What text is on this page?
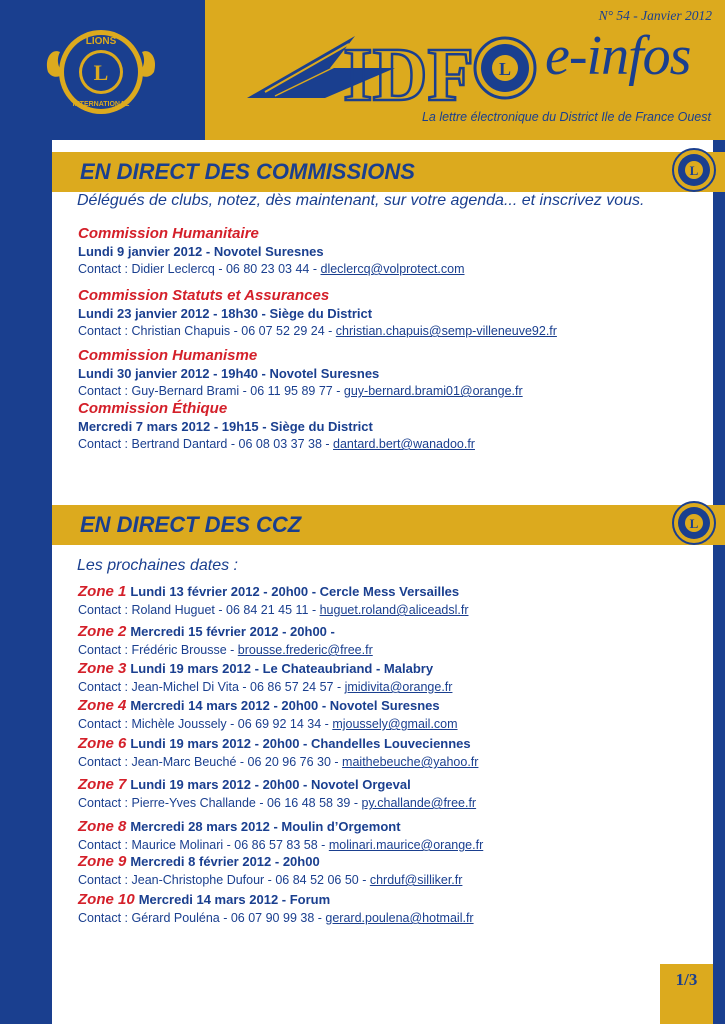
LIONS
INTERNATIONAL
L
N° 54 - Janvier 2012
IDF L e-infos
La lettre électronique du District Ile de France Ouest
EN DIRECT DES COMMISSIONS	L
Délégués de clubs, notez, dès maintenant, sur votre agenda... et inscrivez vous.
Commission Humanitaire
Lundi 9 janvier 2012 - Novotel Suresnes
Contact : Didier Leclercq - 06 80 23 03 44 - dleclercq@volprotect.com
Commission Statuts et Assurances
Lundi 23 janvier 2012 - 18h30 - Siège du District
Contact : Christian Chapuis - 06 07 52 29 24 - christian.chapuis@semp-villeneuve92.fr
Commission Humanisme
Lundi 30 janvier 2012 - 19h40 - Novotel Suresnes
Contact : Guy-Bernard Brami - 06 11 95 89 77 - guy-bernard.brami01@orange.fr
Commission Éthique
Mercredi 7 mars 2012 - 19h15 - Siège du District
Contact : Bertrand Dantard - 06 08 03 37 38 - dantard.bert@wanadoo.fr
EN DIRECT DES CCZ	L
Les prochaines dates :
Zone 1 Lundi 13 février 2012 - 20h00 - Cercle Mess Versailles
Contact : Roland Huguet - 06 84 21 45 11 - huguet.roland@aliceadsl.fr
Zone 2 Mercredi 15 février 2012 - 20h00 -
Contact : Frédéric Brousse - brousse.frederic@free.fr
Zone 3 Lundi 19 mars 2012 - Le Chateaubriand - Malabry
Contact : Jean-Michel Di Vita - 06 86 57 24 57 - jmidivita@orange.fr
Zone 4 Mercredi 14 mars 2012 - 20h00 - Novotel Suresnes
Contact : Michèle Joussely - 06 69 92 14 34 - mjoussely@gmail.com
Zone 6 Lundi 19 mars 2012 - 20h00 - Chandelles Louveciennes
Contact : Jean-Marc Beuché - 06 20 96 76 30 - maithebeuche@yahoo.fr
Zone 7 Lundi 19 mars 2012 - 20h00 - Novotel Orgeval
Contact : Pierre-Yves Challande - 06 16 48 58 39 - py.challande@free.fr
Zone 8 Mercredi 28 mars 2012 - Moulin d’Orgemont
Contact : Maurice Molinari - 06 86 57 83 58 - molinari.maurice@orange.fr
Zone 9 Mercredi 8 février 2012 - 20h00
Contact : Jean-Christophe Dufour - 06 84 52 06 50 - chrduf@silliker.fr
Zone 10 Mercredi 14 mars 2012 - Forum
Contact : Gérard Pouléna - 06 07 90 99 38 - gerard.poulena@hotmail.fr
1/3
